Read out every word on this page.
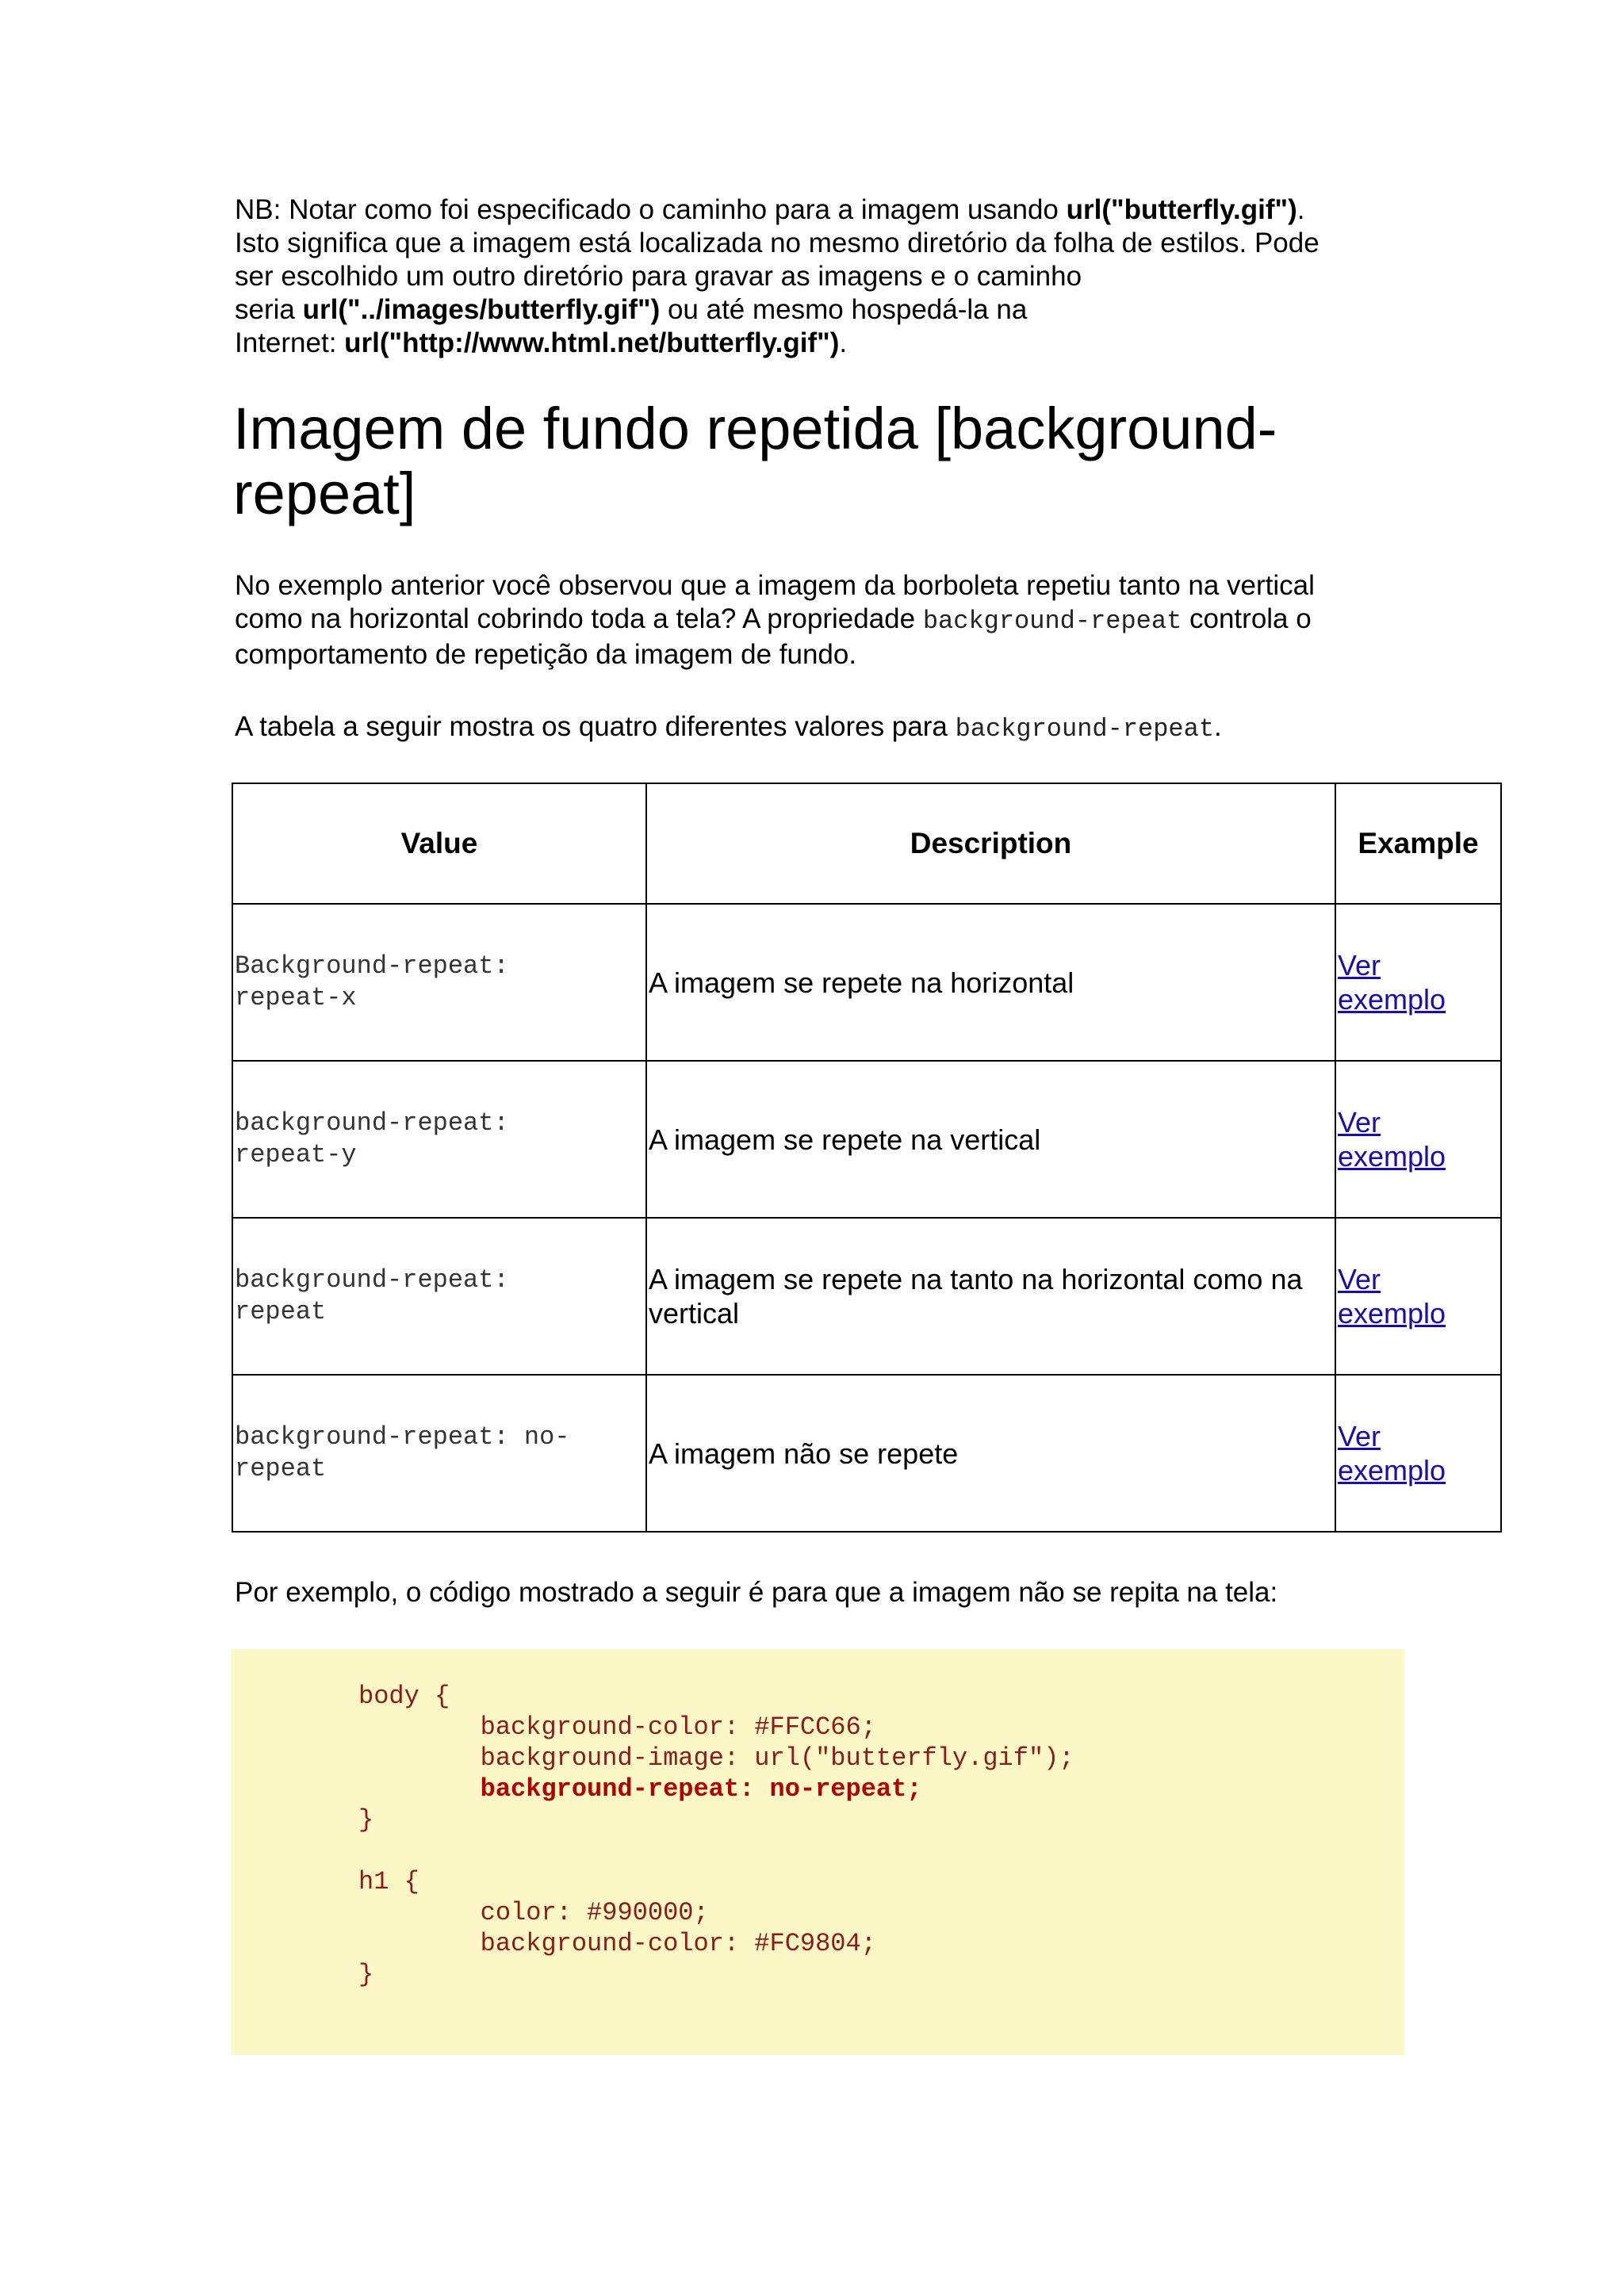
NB: Notar como foi especificado o caminho para a imagem usando url("butterfly.gif").
Isto significa que a imagem está localizada no mesmo diretório da folha de estilos. Pode
ser escolhido um outro diretório para gravar as imagens e o caminho
seria url("../images/butterfly.gif") ou até mesmo hospedá-la na
Internet: url("http://www.html.net/butterfly.gif").
Imagem de fundo repetida [background-
repeat]
No exemplo anterior você observou que a imagem da borboleta repetiu tanto na vertical
como na horizontal cobrindo toda a tela? A propriedade background-repeat controla o
comportamento de repetição da imagem de fundo.
A tabela a seguir mostra os quatro diferentes valores para background-repeat.
Value	Description	Example
Background-repeat:
repeat-x	A imagem se repete na horizontal	Ver
exemplo

background-repeat:
repeat-y	A imagem se repete na vertical	Ver
exemplo

background-repeat:
repeat	A imagem se repete na tanto na horizontal como na vertical	Ver
exemplo

background-repeat: no-
repeat	A imagem não se repete	Ver
exemplo
Por exemplo, o código mostrado a seguir é para que a imagem não se repita na tela:
body {
background-color: #FFCC66;
background-image: url("butterfly.gif");
background-repeat: no-repeat;
}
h1 {
color: #990000;
background-color: #FC9804;
}
